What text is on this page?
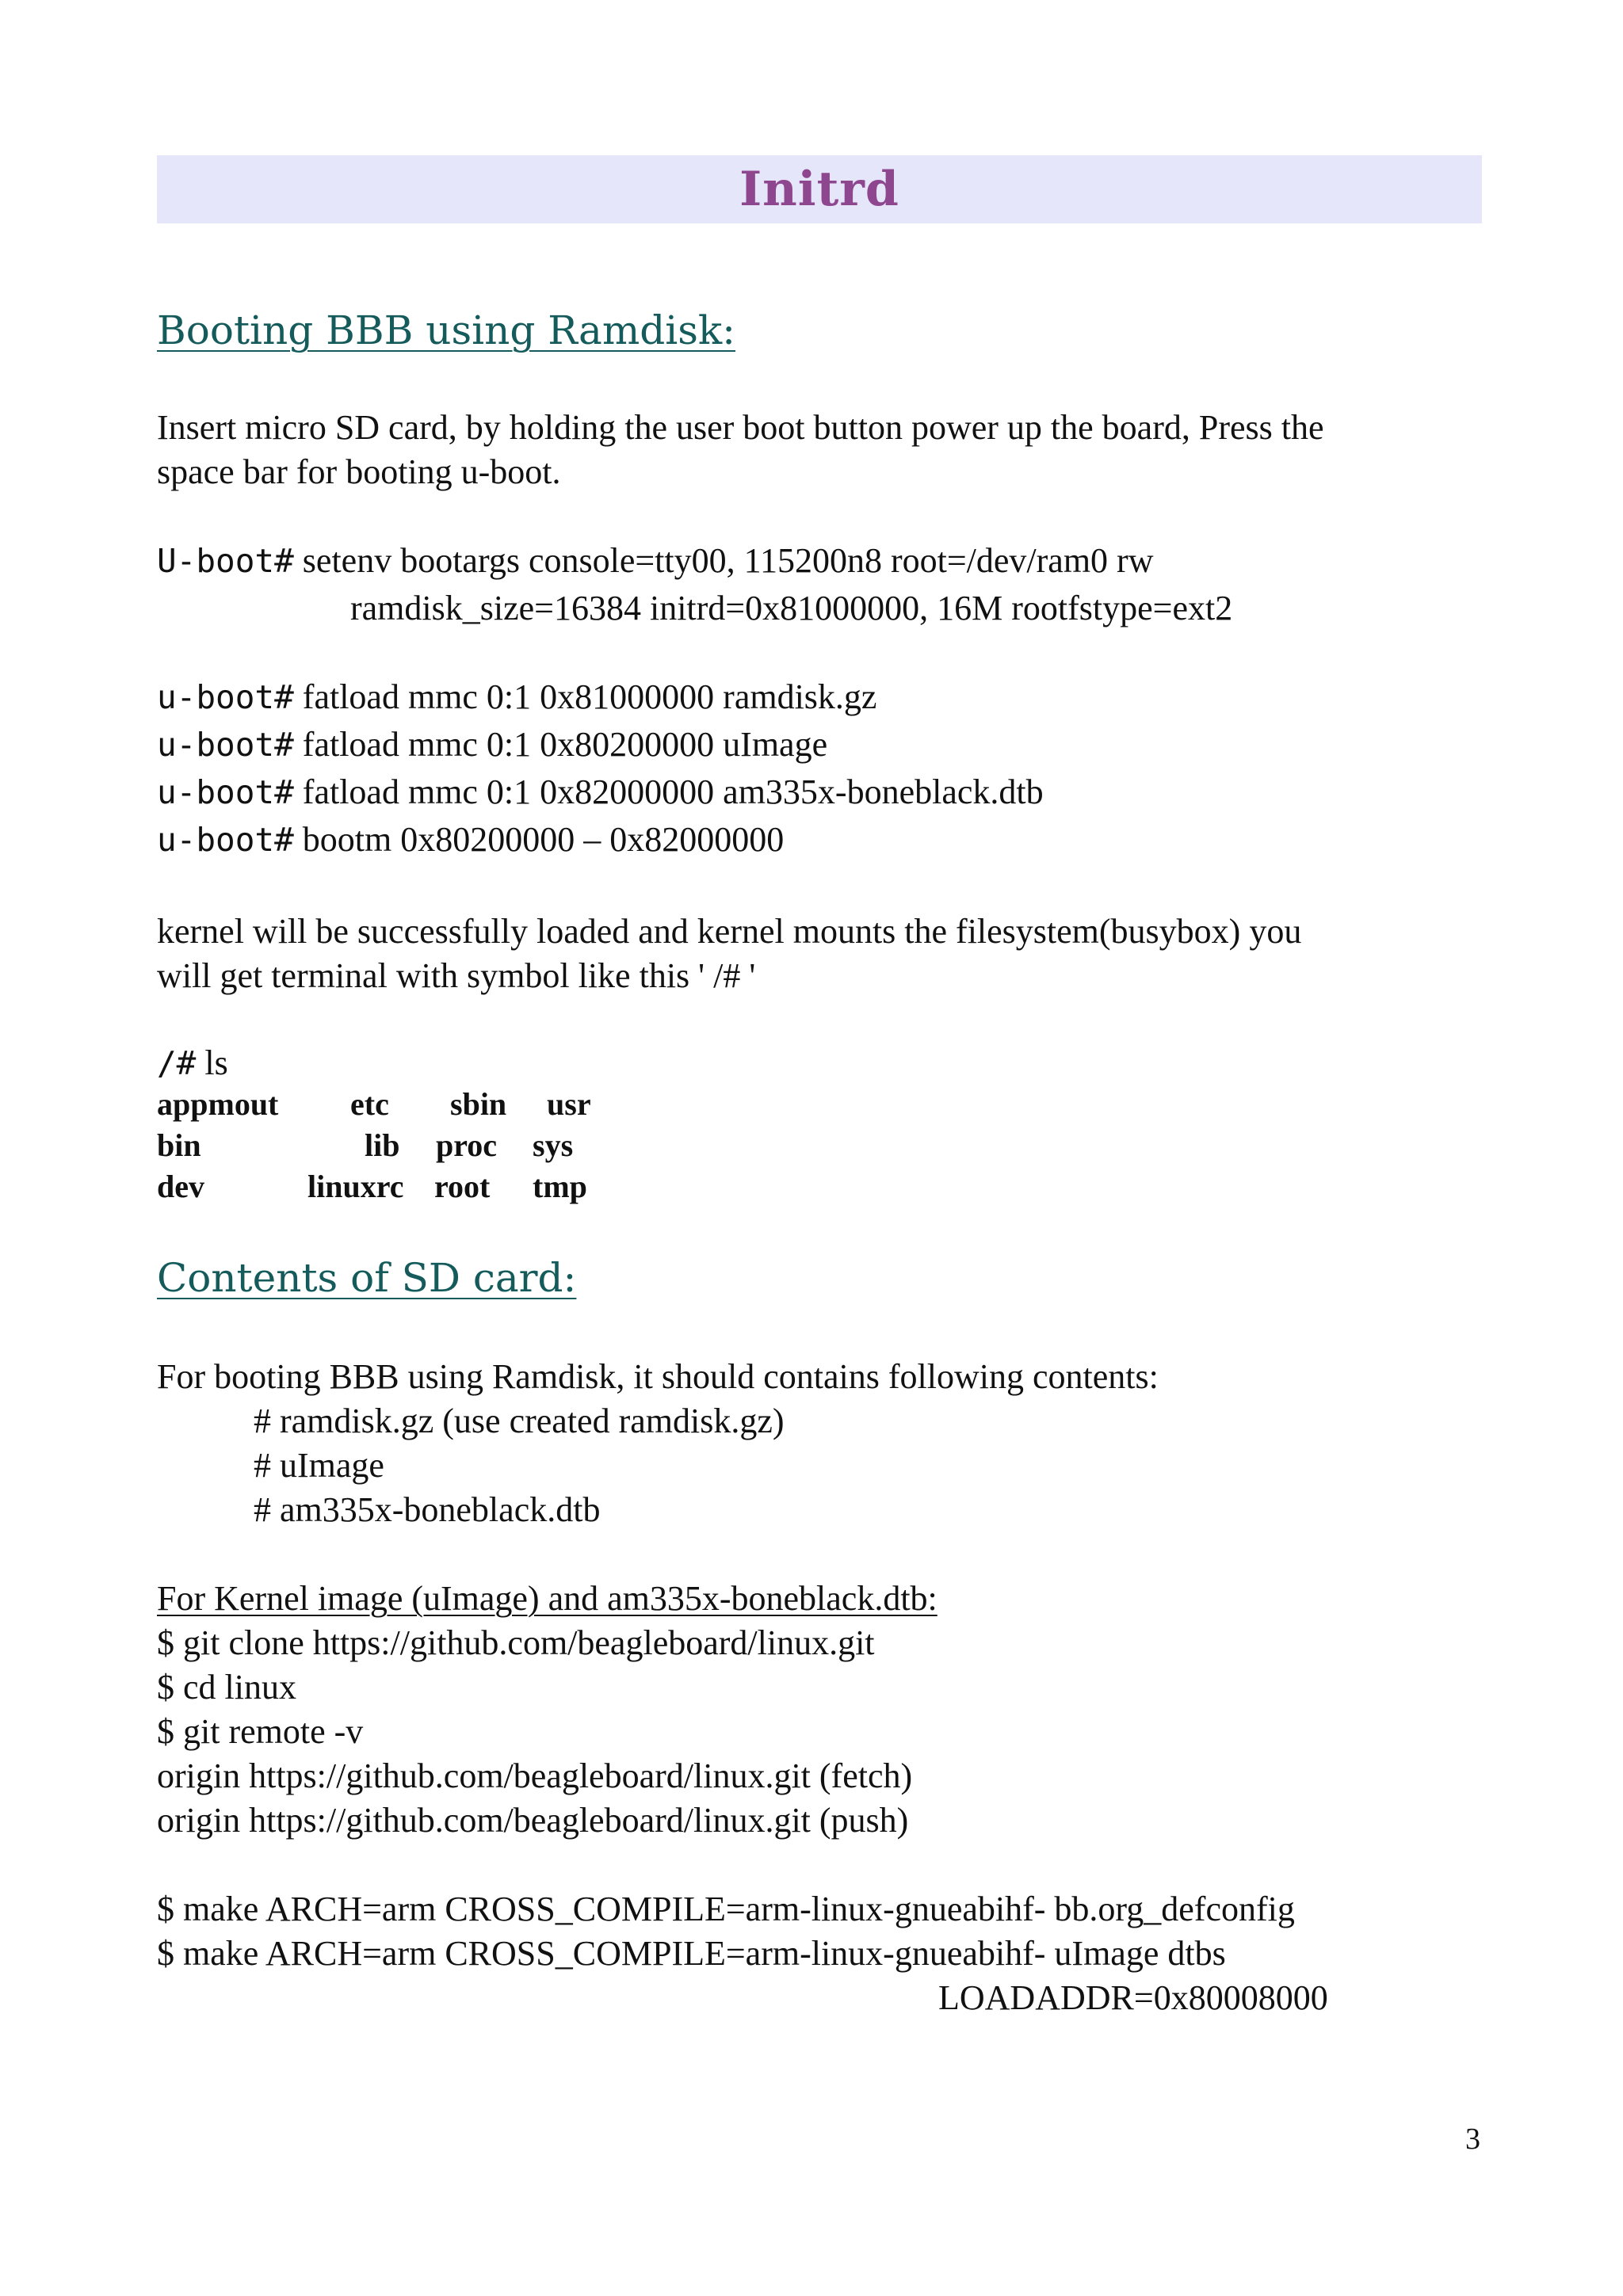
Initrd
Booting BBB using Ramdisk:
Insert micro SD card, by holding the user boot button power up the board, Press the
space bar for booting u-boot.
U-boot# setenv bootargs console=tty00, 115200n8 root=/dev/ram0 rw
ramdisk_size=16384 initrd=0x81000000, 16M rootfstype=ext2
u-boot# fatload mmc 0:1 0x81000000 ramdisk.gz
u-boot# fatload mmc 0:1 0x80200000 uImage
u-boot# fatload mmc 0:1 0x82000000 am335x-boneblack.dtb
u-boot# bootm 0x80200000 – 0x82000000
kernel will be successfully loaded and kernel mounts the filesystem(busybox) you
will get terminal with symbol like this ' /# '
/# ls
appmout etc sbin usr
bin	lib proc sys
dev	linuxrc root tmp
Contents of SD card:
For booting BBB using Ramdisk, it should contains following contents:
# ramdisk.gz (use created ramdisk.gz)
# uImage
# am335x-boneblack.dtb
For Kernel image (uImage) and am335x-boneblack.dtb:
$ git clone https://github.com/beagleboard/linux.git
$ cd linux
$ git remote -v
origin https://github.com/beagleboard/linux.git (fetch)
origin https://github.com/beagleboard/linux.git (push)
$ make ARCH=arm CROSS_COMPILE=arm-linux-gnueabihf- bb.org_defconfig
$ make ARCH=arm CROSS_COMPILE=arm-linux-gnueabihf- uImage dtbs
LOADADDR=0x80008000
3
